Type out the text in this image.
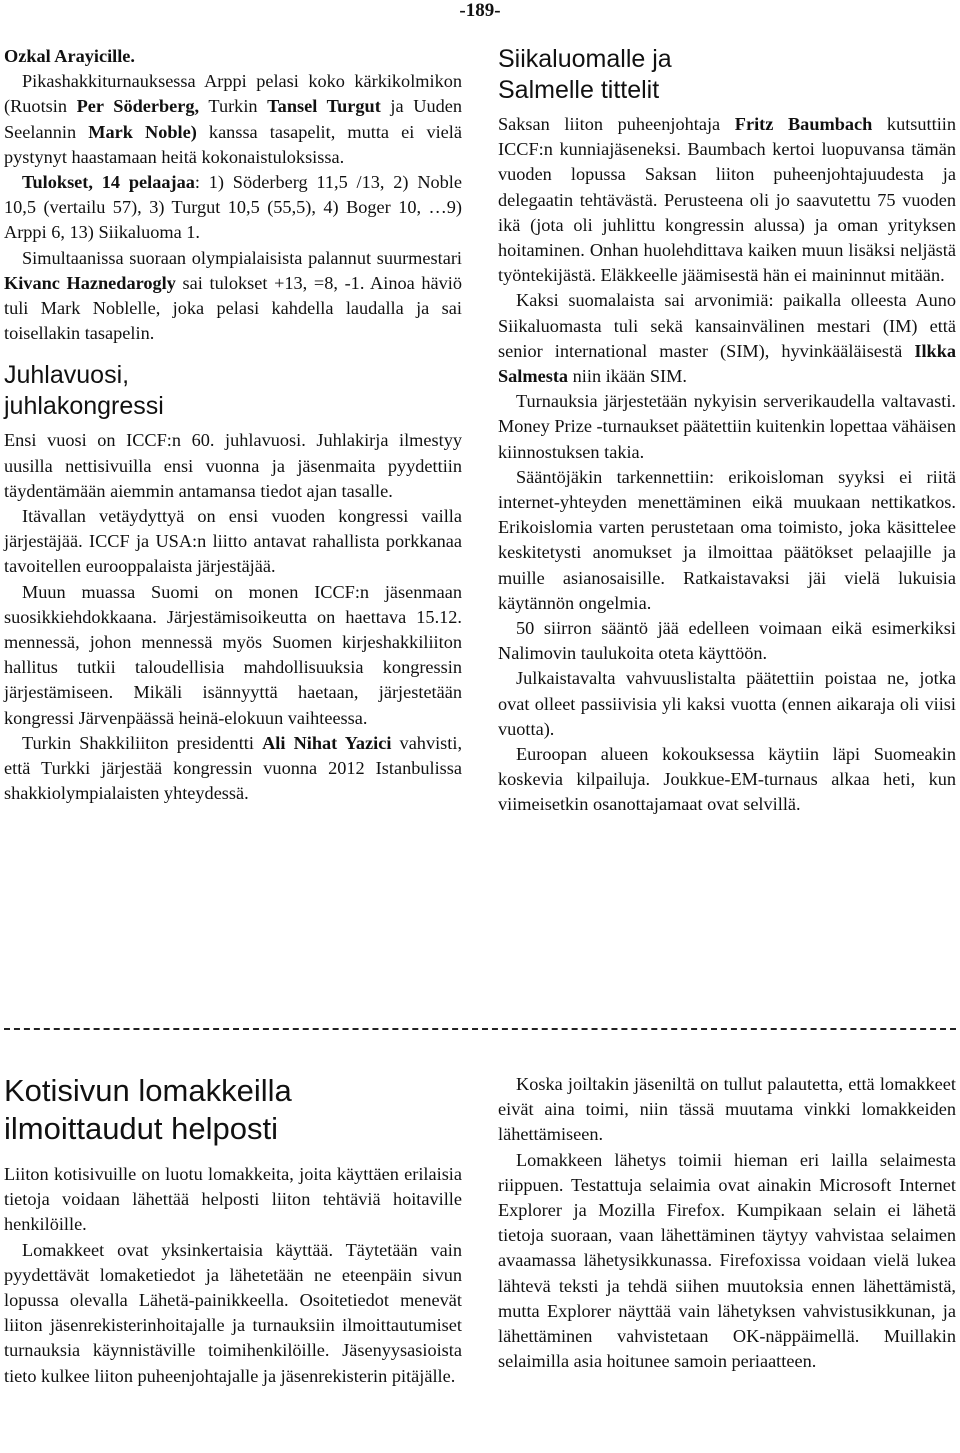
-189-

Ozkal Arayicille.

Pikashakkiturnauksessa Arppi pelasi koko kärkikolmikon (Ruotsin Per Söderberg, Turkin Tansel Turgut ja Uuden Seelannin Mark Noble) kanssa tasapelit, mutta ei vielä pystynyt haastamaan heitä kokonaistuloksissa.

Tulokset, 14 pelaajaa: 1) Söderberg 11,5 /13, 2) Noble 10,5 (vertailu 57), 3) Turgut 10,5 (55,5), 4) Boger 10, …9) Arppi 6, 13) Siikaluoma 1.

Simultaanissa suoraan olympialaisista palannut suurmestari Kivanc Haznedarogly sai tulokset +13, =8, -1. Ainoa häviö tuli Mark Noblelle, joka pelasi kahdella laudalla ja sai toisellakin tasapelin.

Juhlavuosi, juhlakongressi

Ensi vuosi on ICCF:n 60. juhlavuosi. Juhlakirja ilmestyy uusilla nettisivuilla ensi vuonna ja jäsenmaita pyydettiin täydentämään aiemmin antamansa tiedot ajan tasalle.

Itävallan vetäydyttyä on ensi vuoden kongressi vailla järjestäjää. ICCF ja USA:n liitto antavat rahallista porkkanaa tavoitellen eurooppalaista järjestäjää.

Muun muassa Suomi on monen ICCF:n jäsenmaan suosikkiehdokkaana. Järjestämisoikeutta on haettava 15.12. mennessä, johon mennessä myös Suomen kirjeshakkiliiton hallitus tutkii taloudellisia mahdollisuuksia kongressin järjestämiseen. Mikäli isännyyttä haetaan, järjestetään kongressi Järvenpäässä heinä-elokuun vaihteessa.

Turkin Shakkiliiton presidentti Ali Nihat Yazici vahvisti, että Turkki järjestää kongressin vuonna 2012 Istanbulissa shakkiolympialaisten yhteydessä.

Siikaluomalle ja Salmelle tittelit

Saksan liiton puheenjohtaja Fritz Baumbach kutsuttiin ICCF:n kunniajäseneksi. Baumbach kertoi luopuvansa tämän vuoden lopussa Saksan liiton puheenjohtajuudesta ja delegaatin tehtävästä. Perusteena oli jo saavutettu 75 vuoden ikä (jota oli juhlittu kongressin alussa) ja oman yrityksen hoitaminen. Onhan huolehdittava kaiken muun lisäksi neljästä työntekijästä. Eläkkeelle jäämisestä hän ei maininnut mitään.

Kaksi suomalaista sai arvonimiä: paikalla olleesta Auno Siikaluomasta tuli sekä kansainvälinen mestari (IM) että senior international master (SIM), hyvinkääläisestä Ilkka Salmesta niin ikään SIM.

Turnauksia järjestetään nykyisin serverikaudella valtavasti. Money Prize -turnaukset päätettiin kuitenkin lopettaa vähäisen kiinnostuksen takia.

Sääntöjäkin tarkennettiin: erikoisloman syyksi ei riitä internet-yhteyden menettäminen eikä muukaan nettikatkos. Erikoislomia varten perustetaan oma toimisto, joka käsittelee keskitetysti anomukset ja ilmoittaa päätökset pelaajille ja muille asianosaisille. Ratkaistavaksi jäi vielä lukuisia käytännön ongelmia.

50 siirron sääntö jää edelleen voimaan eikä esimerkiksi Nalimovin taulukoita oteta käyttöön.

Julkaistavalta vahvuuslistalta päätettiin poistaa ne, jotka ovat olleet passiivisia yli kaksi vuotta (ennen aikaraja oli viisi vuotta).

Euroopan alueen kokouksessa käytiin läpi Suomeakin koskevia kilpailuja. Joukkue-EM-turnaus alkaa heti, kun viimeisetkin osanottajamaat ovat selvillä.

Kotisivun lomakkeilla ilmoittaudut helposti

Liiton kotisivuille on luotu lomakkeita, joita käyttäen erilaisia tietoja voidaan lähettää helposti liiton tehtäviä hoitaville henkilöille.

Lomakkeet ovat yksinkertaisia käyttää. Täytetään vain pyydettävät lomaketiedot ja lähetetään ne eteenpäin sivun lopussa olevalla Lähetä-painikkeella. Osoitetiedot menevät liiton jäsenrekisterinhoitajalle ja turnauksiin ilmoittautumiset turnauksia käynnistäville toimihenkilöille. Jäsenyysasioista tieto kulkee liiton puheenjohtajalle ja jäsenrekisterin pitäjälle.

Koska joiltakin jäseniltä on tullut palautetta, että lomakkeet eivät aina toimi, niin tässä muutama vinkki lomakkeiden lähettämiseen.

Lomakkeen lähetys toimii hieman eri lailla selaimesta riippuen. Testattuja selaimia ovat ainakin Microsoft Internet Explorer ja Mozilla Firefox. Kumpikaan selain ei lähetä tietoja suoraan, vaan lähettäminen täytyy vahvistaa selaimen avaamassa lähetysikkunassa. Firefoxissa voidaan vielä lukea lähtevä teksti ja tehdä siihen muutoksia ennen lähettämistä, mutta Explorer näyttää vain lähetyksen vahvistusikkunan, ja lähettäminen vahvistetaan OK-näppäimellä. Muillakin selaimilla asia hoitunee samoin periaatteen.
